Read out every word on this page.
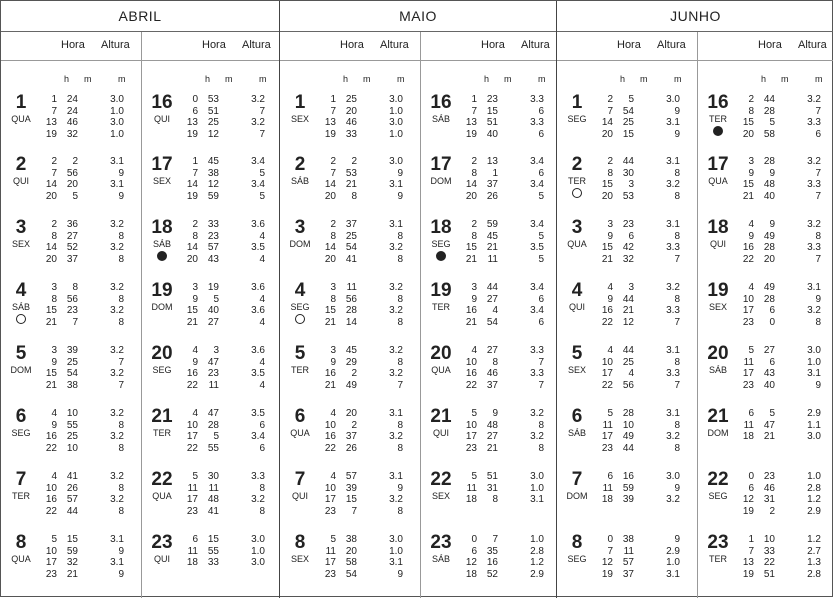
ABRIL
Hora Altura
h m	m
1
QUA
1 24	3.0
7 24	1.0
13 46	3.0
19 32	1.0
2
QUI
2	2	3.1
7 56	9
14 20	3.1
20	5	9
3
SEX
2 36	3.2
8 27	8
14 52	3.2
20 37	8
4
SÁB
3	8	3.2
8 56	8
15 23	3.2
21	7	8
5
DOM
3 39	3.2
9 25	7
15 54	3.2
21 38	7
6
SEG
4 10	3.2
9 55	8
16 25	3.2
22 10	8
7
TER
4 41	3.2
10 26	8
16 57	3.2
22 44	8
8
QUA
5 15	3.1
10 59	9
17 32	3.1
23 21	9
Hora Altura
h m	m
16
QUI
0 53	3.2
6 51	7
13 25	3.2
19 12	7
17
SEX
1 45	3.4
7 38	5
14 12	3.4
19 59	5
18
SÁB
2 33	3.6
8 23	4
14 57	3.5
20 43	4
19
DOM
3 19	3.6
9	5	4
15 40	3.6
21 27	4
20
SEG
4	3	3.6
9 47	4
16 23	3.5
22	11	4
21
TER
4 47	3.5
10 28	6
17	5	3.4
22 55	6
22
QUA
5 30	3.3
11	11	8
17 48	3.2
23 41	8
23
QUI
6 15	3.0
11 55	1.0
18 33	3.0
MAIO
Hora Altura
h m	m
1
SEX
1 25	3.0
7 20	1.0
13 46	3.0
19 33	1.0
2
SÁB
2	2	3.0
7 53	9
14 21	3.1
20	8	9
3
DOM
2 37	3.1
8 25	8
14 54	3.2
20 41	8
4
SEG
3	11	3.2
8 56	8
15 28	3.2
21 14	8
5
TER
3 45	3.2
9 29	8
16	2	3.2
21 49	7
6
QUA
4 20	3.1
10	2	8
16 37	3.2
22 26	8
7
QUI
4 57	3.1
10 39	9
17 15	3.2
23	7	8
8
SEX
5 38	3.0
11 20	1.0
17 58	3.1
23 54	9
Hora Altura
h m	m
16
SÁB
1 23	3.3
7 15	6
13 51	3.3
19 40	6
17
DOM
2 13	3.4
8	1	6
14 37	3.4
20 26	5
18
SEG
2 59	3.4
8 45	5
15 21	3.5
21	11	5
19
TER
3 44	3.4
9 27	6
16	4	3.4
21 54	6
20
QUA
4 27	3.3
10	8	7
16 46	3.3
22 37	7
21
QUI
5	9	3.2
10 48	8
17 27	3.2
23 21	8
22
SEX
5 51	3.0
11 31	1.0
18	8	3.1
23
SÁB
0	7	1.0
6 35	2.8
12 16	1.2
18 52	2.9
JUNHO
Hora Altura
h m	m
1
SEG
2	5	3.0
7 54	9
14 25	3.1
20 15	9
2
TER
2 44	3.1
8 30	8
15	3	3.2
20 53	8
3
QUA
3 23	3.1
9	6	8
15 42	3.3
21 32	7
4
QUI
4	3	3.2
9 44	8
16 21	3.3
22 12	7
5
SEX
4 44	3.1
10 25	8
17	4	3.3
22 56	7
6
SÁB
5 28	3.1
11 10	8
17 49	3.2
23 44	8
7
DOM
6 16	3.0
11 59	9
18 39	3.2
8
SEG
0 38	9
7	11	2.9
12 57	1.0
19 37	3.1
Hora Altura
h m	m
16
TER
2 44	3.2
8 28	7
15	5	3.3
20 58	6
17
QUA
3 28	3.2
9	9	7
15 48	3.3
21 40	7
18
QUI
4	9	3.2
9 49	8
16 28	3.3
22 20	7
19
SEX
4 49	3.1
10 28	9
17	6	3.2
23	0	8
20
SÁB
5 27	3.0
11	6	1.0
17 43	3.1
23 40	9
21
DOM
6	5	2.9
11 47	1.1
18 21	3.0
22
SEG
0 23	1.0
6 46	2.8
12 31	1.2
19	2	2.9
23
TER
1 10	1.2
7 33	2.7
13 22	1.3
19 51	2.8
